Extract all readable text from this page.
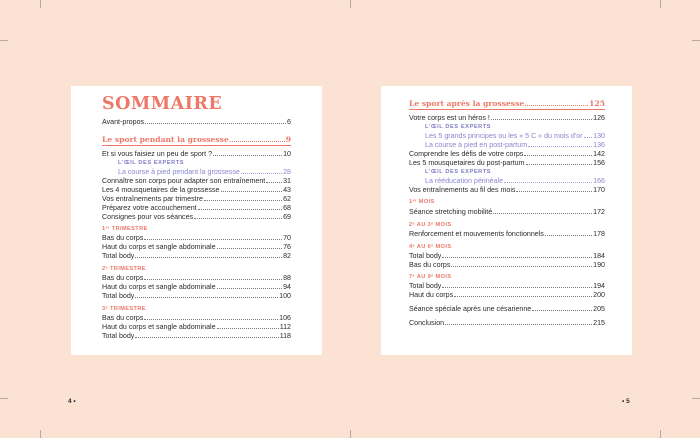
SOMMAIRE
Avant-propos	6
Le sport pendant la grossesse	9
Et si vous faisiez un peu de sport ?	10
L'ŒIL DES EXPERTS
La course à pied pendant la grossesse	28
Connaître son corps pour adapter son entraînement	31
Les 4 mousquetaires de la grossesse	43
Vos entraînements par trimestre	62
Préparez votre accouchement	68
Consignes pour vos séances	69
1ᵉʳ TRIMESTRE
Bas du corps	70
Haut du corps et sangle abdominale	76
Total body	82
2ᵉ TRIMESTRE
Bas du corps	88
Haut du corps et sangle abdominale	94
Total body	100
3ᵉ TRIMESTRE
Bas du corps	106
Haut du corps et sangle abdominale	112
Total body	118
Le sport après la grossesse	125
Votre corps est un héros !	126
L'ŒIL DES EXPERTS
Les 5 grands principes ou les « 5 C » du mois d'or 130
La course à pied en post-partum	136
Comprendre les défis de votre corps	142
Les 5 mousquetaires du post-partum	156
L'ŒIL DES EXPERTS
La rééducation périnéale	166
Vos entraînements au fil des mois	170
1ᵉʳ MOIS
Séance stretching mobilité	172
2ᵉ AU 3ᵉ MOIS
Renforcement et mouvements fonctionnels	178
4ᵉ AU 6ᵉ MOIS
Total body	184
Bas du corps	190
7ᵉ AU 9ᵉ MOIS
Total body	194
Haut du corps	200
Séance spéciale après une césarienne	205
Conclusion	215
4 •	• 5
